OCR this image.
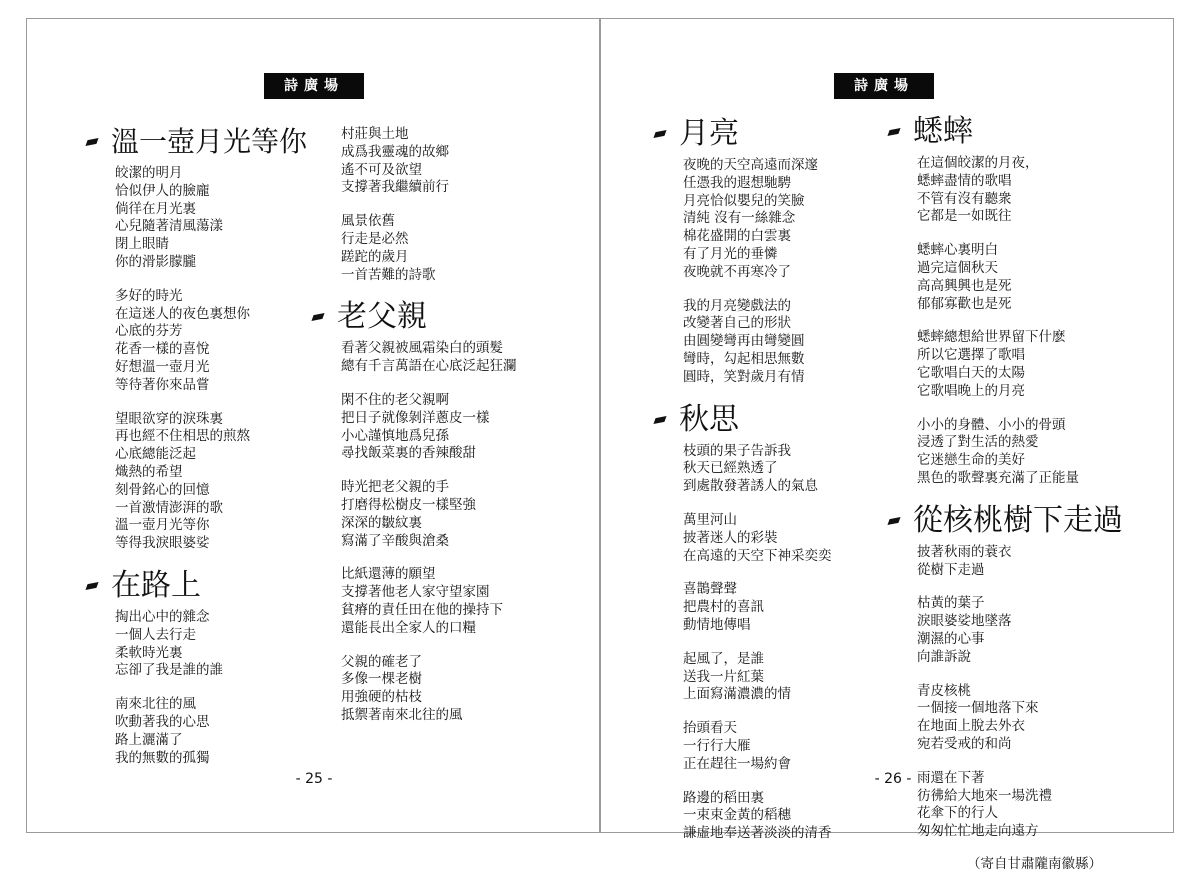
詩廣場
溫一壺月光等你
皎潔的明月
恰似伊人的臉龐
倘徉在月光裏
心兒隨著清風蕩漾
閉上眼睛
你的滑影朦朧
多好的時光
在這迷人的夜色裏想你
心底的芬芳
花香一樣的喜悅
好想溫一壺月光
等待著你來品嘗
望眼欲穿的淚珠裏
再也經不住相思的煎熬
心底總能泛起
熾熱的希望
刻骨銘心的回憶
一首激情澎湃的歌
溫一壺月光等你
等得我淚眼婆娑
在路上
掏出心中的雜念
一個人去行走
柔軟時光裏
忘卻了我是誰的誰
南來北往的風
吹動著我的心思
路上灑滿了
我的無數的孤獨
村莊與土地
成爲我靈魂的故鄉
遙不可及欲望
支撐著我繼續前行
風景依舊
行走是必然
蹉跎的歲月
一首苦難的詩歌
老父親
看著父親被風霜染白的頭髮
總有千言萬語在心底泛起狂瀾
閑不住的老父親啊
把日子就像剝洋蔥皮一樣
小心謹慎地爲兒孫
尋找飯菜裏的香辣酸甜
時光把老父親的手
打磨得松樹皮一樣堅強
深深的皺紋裏
寫滿了辛酸與滄桑
比紙還薄的願望
支撐著他老人家守望家園
貧瘠的責任田在他的操持下
還能長出全家人的口糧
父親的確老了
多像一棵老樹
用強硬的枯枝
抵禦著南來北往的風
- 25 -
詩廣場
月亮
夜晚的天空高遠而深邃
任憑我的遐想馳騁
月亮恰似嬰兒的笑臉
清純 沒有一絲雜念
棉花盛開的白雲裏
有了月光的垂憐
夜晚就不再寒冷了
我的月亮變戲法的
改變著自己的形狀
由圓變彎再由彎變圓
彎時，勾起相思無數
圓時，笑對歲月有情
秋思
枝頭的果子告訴我
秋天已經熟透了
到處散發著誘人的氣息
萬里河山
披著迷人的彩裝
在高遠的天空下神采奕奕
喜鵲聲聲
把農村的喜訊
動情地傳唱
起風了，是誰
送我一片紅葉
上面寫滿濃濃的情
抬頭看天
一行行大雁
正在趕往一場約會
路邊的稻田裏
一束束金黃的稻穗
謙虛地奉送著淡淡的清香
蟋蟀
在這個皎潔的月夜，
蟋蟀盡情的歌唱
不管有沒有聽衆
它都是一如既往
蟋蟀心裏明白
過完這個秋天
高高興興也是死
郁郁寡歡也是死
蟋蟀總想給世界留下什麽
所以它選擇了歌唱
它歌唱白天的太陽
它歌唱晚上的月亮
小小的身體、小小的骨頭
浸透了對生活的熱愛
它迷戀生命的美好
黑色的歌聲裏充滿了正能量
從核桃樹下走過
披著秋雨的蓑衣
從樹下走過
枯黃的葉子
淚眼婆娑地墜落
潮濕的心事
向誰訴說
青皮核桃
一個接一個地落下來
在地面上脫去外衣
宛若受戒的和尚
雨還在下著
彷彿給大地來一場洗禮
花傘下的行人
匆匆忙忙地走向遠方
（寄自甘肅隴南徽縣）
- 26 -
